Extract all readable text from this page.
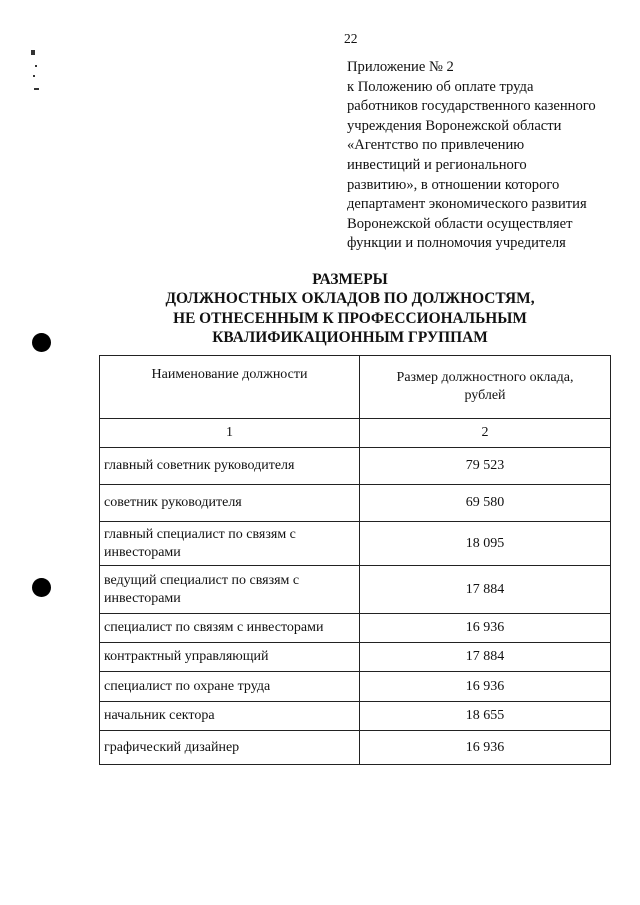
22
Приложение № 2
к Положению об оплате труда
работников государственного казенного
учреждения Воронежской области
«Агентство по привлечению
инвестиций и регионального
развитию», в отношении которого
департамент экономического развития
Воронежской области осуществляет
функции и полномочия учредителя
РАЗМЕРЫ
ДОЛЖНОСТНЫХ ОКЛАДОВ ПО ДОЛЖНОСТЯМ,
НЕ ОТНЕСЕННЫМ К ПРОФЕССИОНАЛЬНЫМ
КВАЛИФИКАЦИОННЫМ ГРУППАМ
Наименование должности	Размер должностного оклада,
рублей
1	2
главный советник руководителя	79 523
советник руководителя	69 580
главный специалист по связям с
инвесторами	18 095
ведущий специалист по связям с
инвесторами	17 884
специалист по связям с инвесторами	16 936
контрактный управляющий	17 884
специалист по охране труда	16 936
начальник сектора	18 655
графический дизайнер	16 936
